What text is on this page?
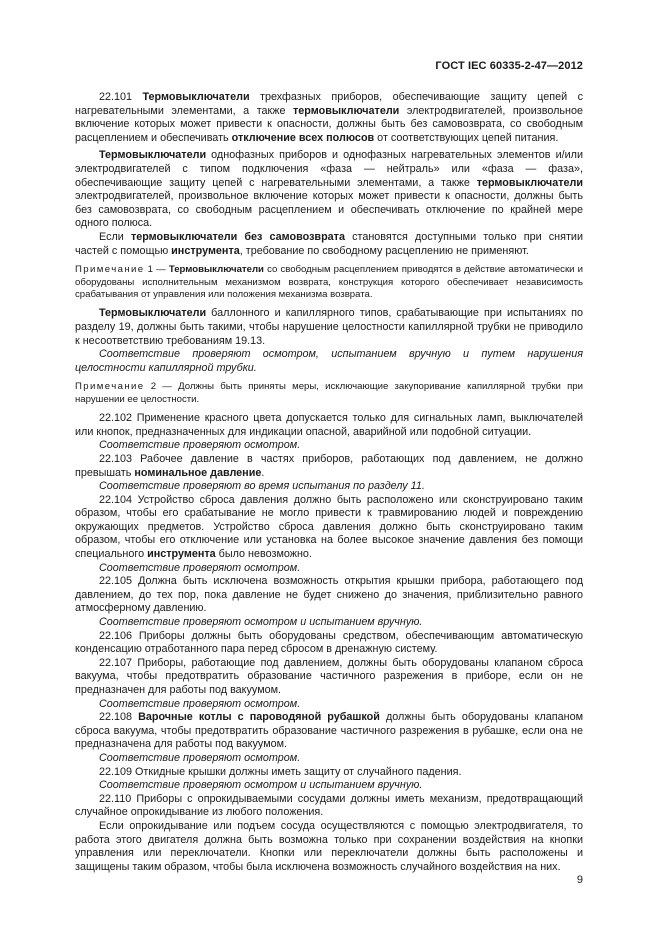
ГОСТ IEC 60335-2-47—2012

22.101 Термовыключатели трехфазных приборов, обеспечивающие защиту цепей с нагревательными элементами, а также термовыключатели электродвигателей, произвольное включение которых может привести к опасности, должны быть без самовозврата, со свободным расцеплением и обеспечивать отключение всех полюсов от соответствующих цепей питания.

Термовыключатели однофазных приборов и однофазных нагревательных элементов и/или электродвигателей с типом подключения «фаза — нейтраль» или «фаза — фаза», обеспечивающие защиту цепей с нагревательными элементами, а также термовыключатели электродвигателей, произвольное включение которых может привести к опасности, должны быть без самовозврата, со свободным расцеплением и обеспечивать отключение по крайней мере одного полюса.

Если термовыключатели без самовозврата становятся доступными только при снятии частей с помощью инструмента, требование по свободному расцеплению не применяют.

Примечание 1 — Термовыключатели со свободным расцеплением приводятся в действие автоматически и оборудованы исполнительным механизмом возврата, конструкция которого обеспечивает независимость срабатывания от управления или положения механизма возврата.

Термовыключатели баллонного и капиллярного типов, срабатывающие при испытаниях по разделу 19, должны быть такими, чтобы нарушение целостности капиллярной трубки не приводило к несоответствию требованиям 19.13.

Соответствие проверяют осмотром, испытанием вручную и путем нарушения целостности капиллярной трубки.

Примечание 2 — Должны быть приняты меры, исключающие закупоривание капиллярной трубки при нарушении ее целостности.

22.102 Применение красного цвета допускается только для сигнальных ламп, выключателей или кнопок, предназначенных для индикации опасной, аварийной или подобной ситуации.

Соответствие проверяют осмотром.

22.103 Рабочее давление в частях приборов, работающих под давлением, не должно превышать номинальное давление.

Соответствие проверяют во время испытания по разделу 11.

22.104 Устройство сброса давления должно быть расположено или сконструировано таким образом, чтобы его срабатывание не могло привести к травмированию людей и повреждению окружающих предметов. Устройство сброса давления должно быть сконструировано таким образом, чтобы его отключение или установка на более высокое значение давления без помощи специального инструмента было невозможно.

Соответствие проверяют осмотром.

22.105 Должна быть исключена возможность открытия крышки прибора, работающего под давлением, до тех пор, пока давление не будет снижено до значения, приблизительно равного атмосферному давлению.

Соответствие проверяют осмотром и испытанием вручную.

22.106 Приборы должны быть оборудованы средством, обеспечивающим автоматическую конденсацию отработанного пара перед сбросом в дренажную систему.

22.107 Приборы, работающие под давлением, должны быть оборудованы клапаном сброса вакуума, чтобы предотвратить образование частичного разрежения в приборе, если он не предназначен для работы под вакуумом.

Соответствие проверяют осмотром.

22.108 Варочные котлы с пароводяной рубашкой должны быть оборудованы клапаном сброса вакуума, чтобы предотвратить образование частичного разрежения в рубашке, если она не предназначена для работы под вакуумом.

Соответствие проверяют осмотром.

22.109 Откидные крышки должны иметь защиту от случайного падения.

Соответствие проверяют осмотром и испытанием вручную.

22.110 Приборы с опрокидываемыми сосудами должны иметь механизм, предотвращающий случайное опрокидывание из любого положения.

Если опрокидывание или подъем сосуда осуществляются с помощью электродвигателя, то работа этого двигателя должна быть возможна только при сохранении воздействия на кнопки управления или переключатели. Кнопки или переключатели должны быть расположены и защищены таким образом, чтобы была исключена возможность случайного воздействия на них.

9
